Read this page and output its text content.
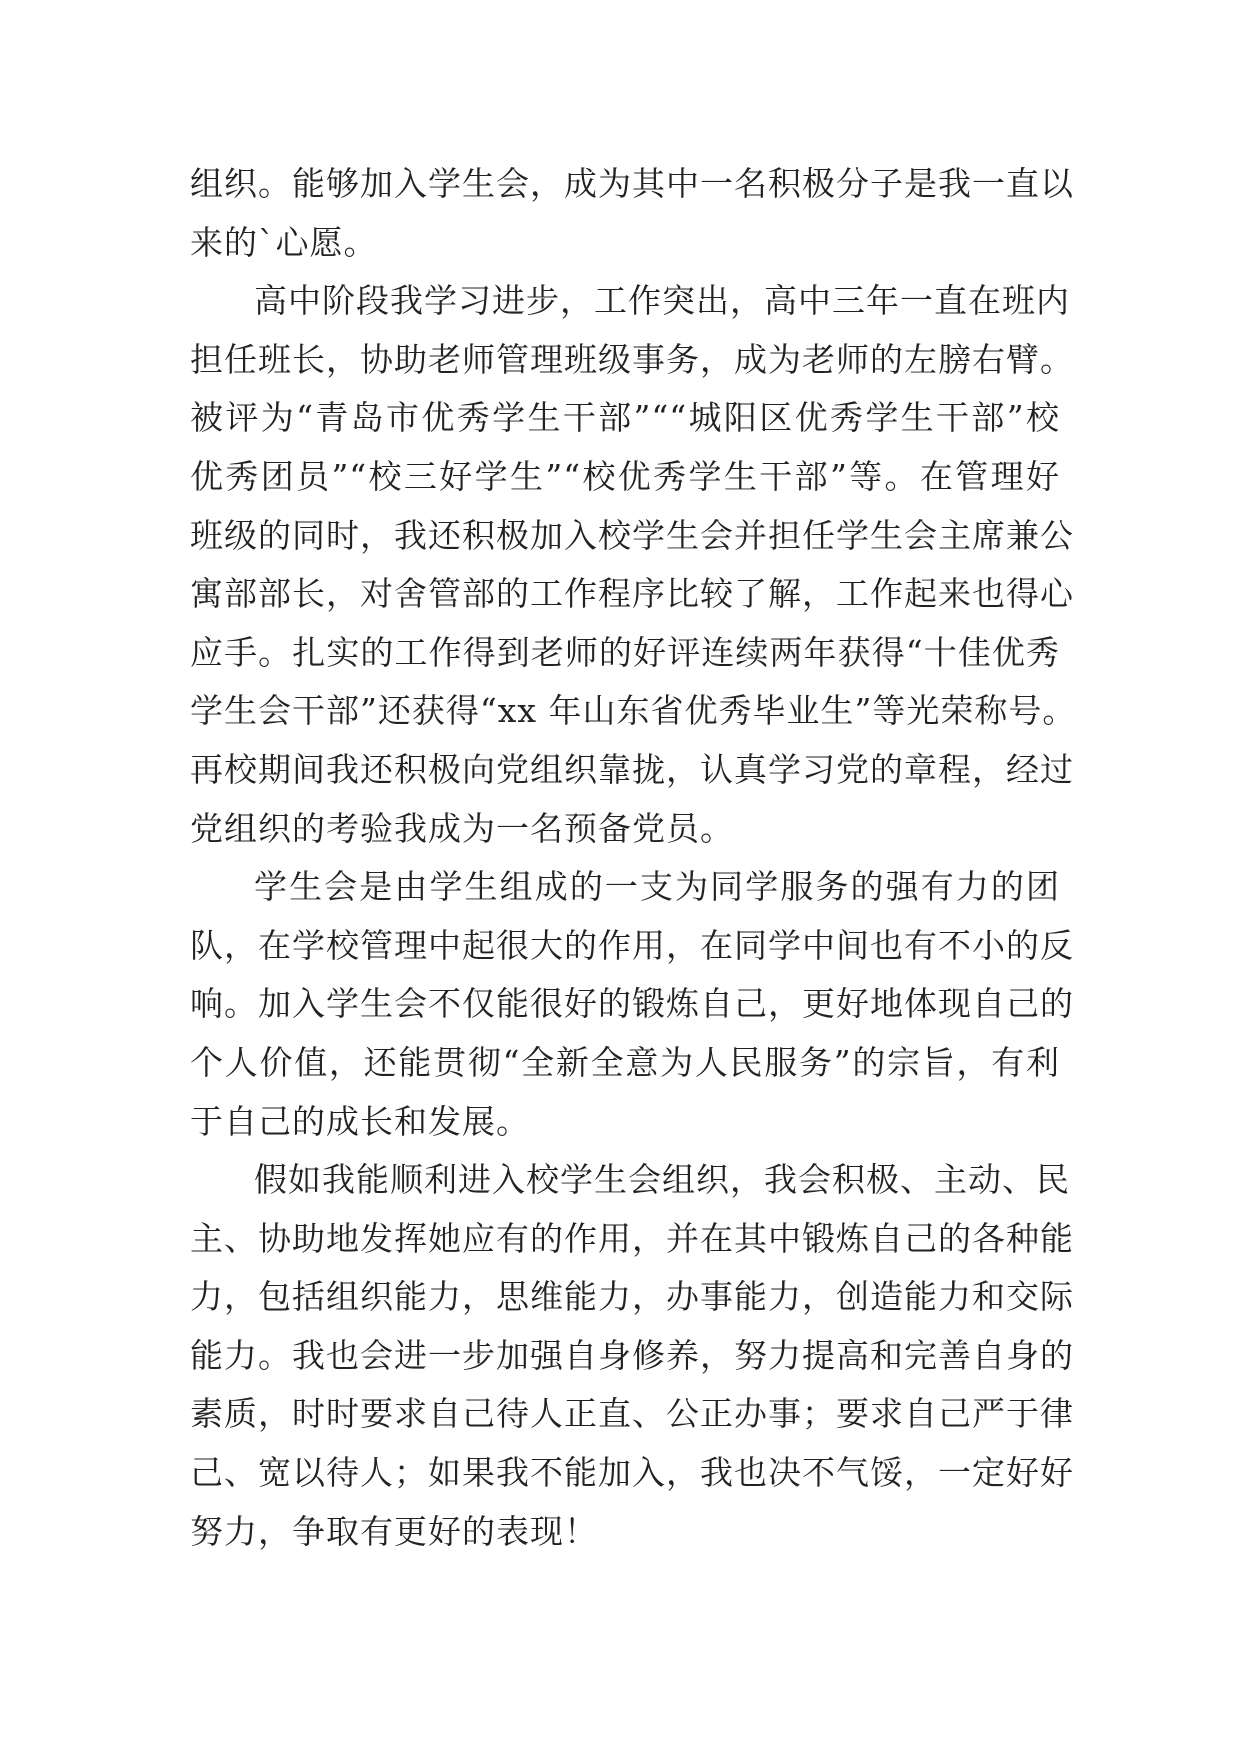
组织。能够加入学生会，成为其中一名积极分子是我一直以
来的`心愿。
高中阶段我学习进步，工作突出，高中三年一直在班内
担任班长，协助老师管理班级事务，成为老师的左膀右臂。
被评为“青岛市优秀学生干部”““城阳区优秀学生干部”校
优秀团员”“校三好学生”“校优秀学生干部”等。在管理好
班级的同时，我还积极加入校学生会并担任学生会主席兼公
寓部部长，对舍管部的工作程序比较了解，工作起来也得心
应手。扎实的工作得到老师的好评连续两年获得“十佳优秀
学生会干部”还获得“xx 年山东省优秀毕业生”等光荣称号。
再校期间我还积极向党组织靠拢，认真学习党的章程，经过
党组织的考验我成为一名预备党员。
学生会是由学生组成的一支为同学服务的强有力的团
队，在学校管理中起很大的作用，在同学中间也有不小的反
响。加入学生会不仅能很好的锻炼自己，更好地体现自己的
个人价值，还能贯彻“全新全意为人民服务”的宗旨，有利
于自己的成长和发展。
假如我能顺利进入校学生会组织，我会积极、主动、民
主、协助地发挥她应有的作用，并在其中锻炼自己的各种能
力，包括组织能力，思维能力，办事能力，创造能力和交际
能力。我也会进一步加强自身修养，努力提高和完善自身的
素质，时时要求自己待人正直、公正办事；要求自己严于律
己、宽以待人；如果我不能加入，我也决不气馁，一定好好
努力，争取有更好的表现！
